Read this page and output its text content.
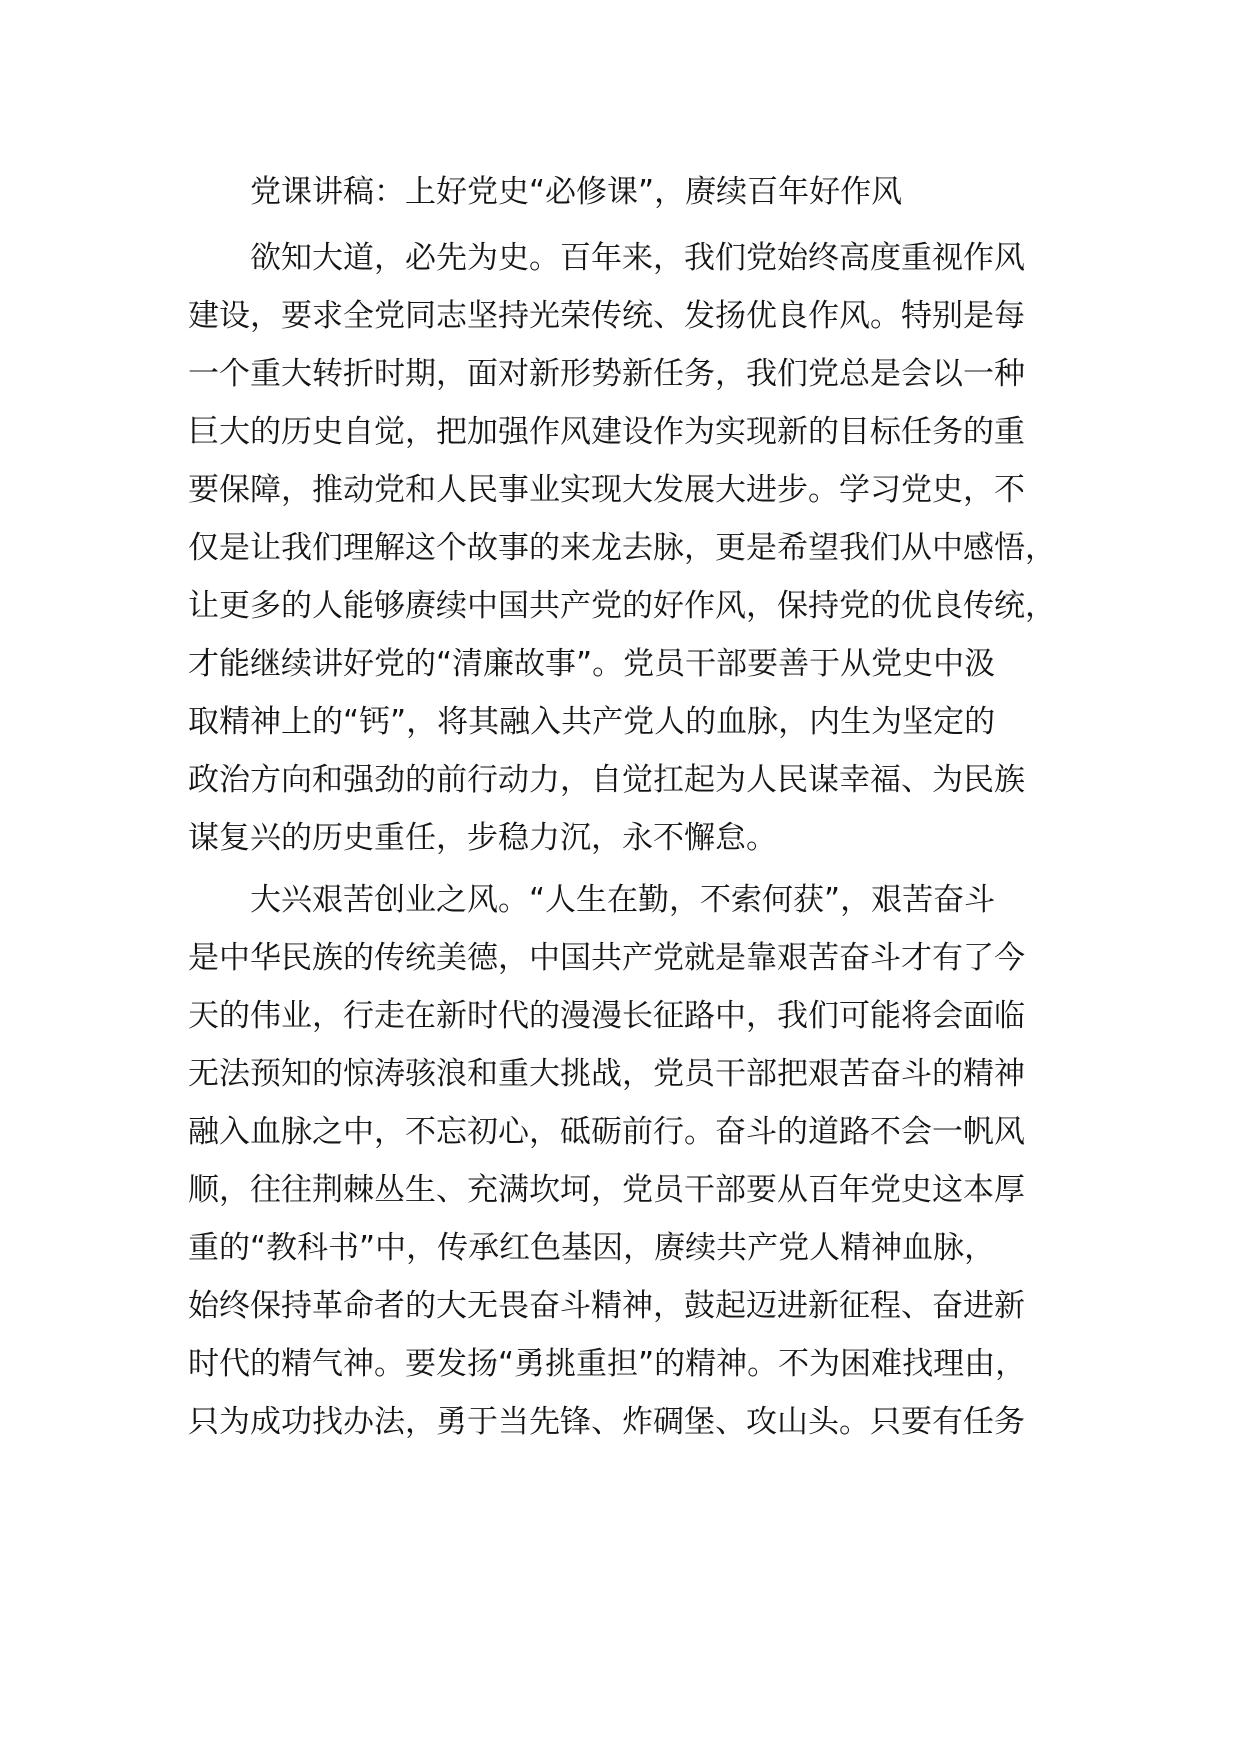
党课讲稿：上好党史“必修课”，赓续百年好作风
欲知大道，必先为史。百年来，我们党始终高度重视作风
建设，要求全党同志坚持光荣传统、发扬优良作风。特别是每
一个重大转折时期，面对新形势新任务，我们党总是会以一种
巨大的历史自觉，把加强作风建设作为实现新的目标任务的重
要保障，推动党和人民事业实现大发展大进步。学习党史，不
仅是让我们理解这个故事的来龙去脉，更是希望我们从中感悟，
让更多的人能够赓续中国共产党的好作风，保持党的优良传统，
才能继续讲好党的“清廉故事”。党员干部要善于从党史中汲
取精神上的“钙”，将其融入共产党人的血脉，内生为坚定的
政治方向和强劲的前行动力，自觉扛起为人民谋幸福、为民族
谋复兴的历史重任，步稳力沉，永不懈怠。
大兴艰苦创业之风。“人生在勤，不索何获”，艰苦奋斗
是中华民族的传统美德，中国共产党就是靠艰苦奋斗才有了今
天的伟业，行走在新时代的漫漫长征路中，我们可能将会面临
无法预知的惊涛骇浪和重大挑战，党员干部把艰苦奋斗的精神
融入血脉之中，不忘初心，砥砺前行。奋斗的道路不会一帆风
顺，往往荆棘丛生、充满坎坷，党员干部要从百年党史这本厚
重的“教科书”中，传承红色基因，赓续共产党人精神血脉，
始终保持革命者的大无畏奋斗精神，鼓起迈进新征程、奋进新
时代的精气神。要发扬“勇挑重担”的精神。不为困难找理由，
只为成功找办法，勇于当先锋、炸碉堡、攻山头。只要有任务
